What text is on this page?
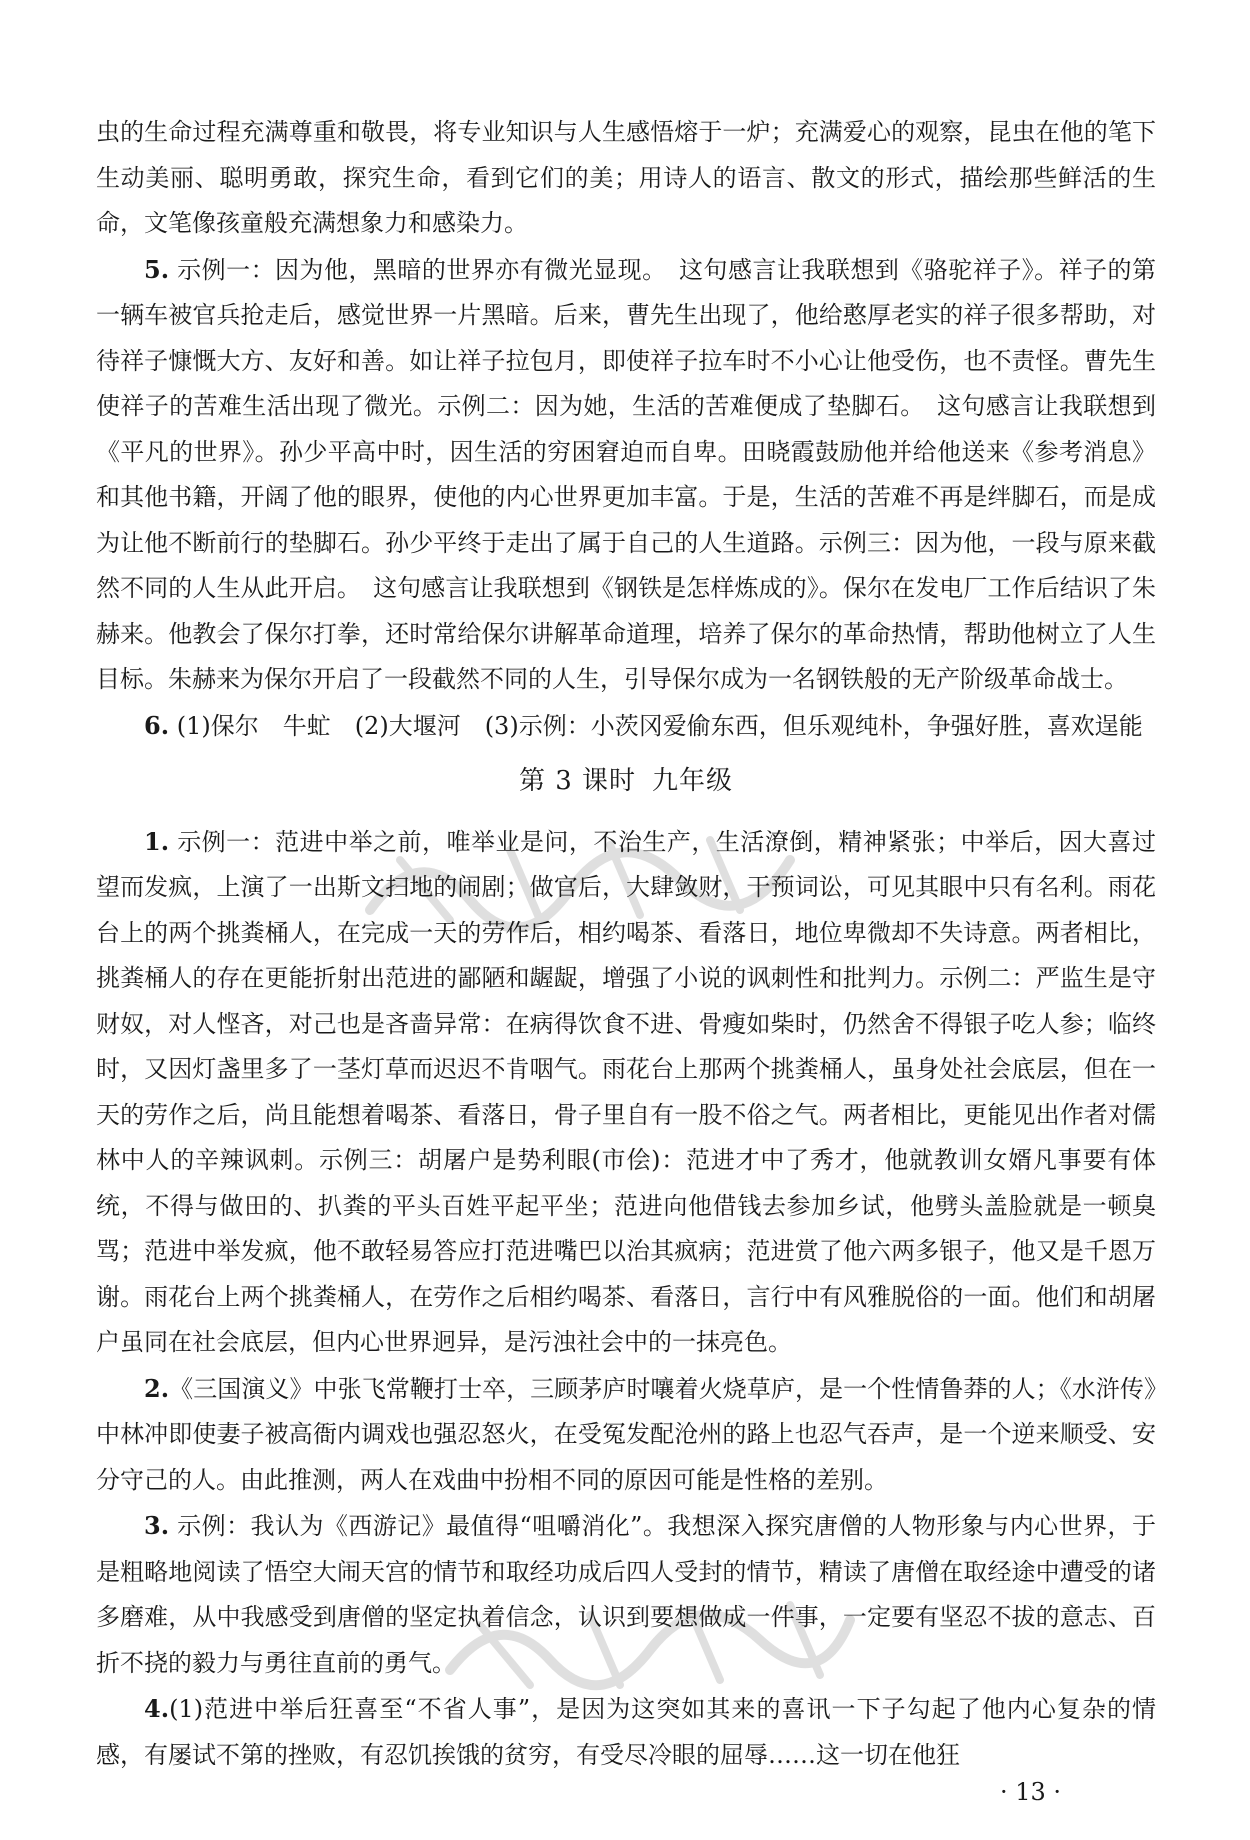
虫的生命过程充满尊重和敬畏，将专业知识与人生感悟熔于一炉；充满爱心的观察，昆虫在他的笔下生动美丽、聪明勇敢，探究生命，看到它们的美；用诗人的语言、散文的形式，描绘那些鲜活的生命，文笔像孩童般充满想象力和感染力。

5. 示例一：因为他，黑暗的世界亦有微光显现。　这句感言让我联想到《骆驼祥子》。祥子的第一辆车被官兵抢走后，感觉世界一片黑暗。后来，曹先生出现了，他给憨厚老实的祥子很多帮助，对待祥子慷慨大方、友好和善。如让祥子拉包月，即使祥子拉车时不小心让他受伤，也不责怪。曹先生使祥子的苦难生活出现了微光。示例二：因为她，生活的苦难便成了垫脚石。　这句感言让我联想到《平凡的世界》。孙少平高中时，因生活的穷困窘迫而自卑。田晓霞鼓励他并给他送来《参考消息》和其他书籍，开阔了他的眼界，使他的内心世界更加丰富。于是，生活的苦难不再是绊脚石，而是成为让他不断前行的垫脚石。孙少平终于走出了属于自己的人生道路。示例三：因为他，一段与原来截然不同的人生从此开启。　这句感言让我联想到《钢铁是怎样炼成的》。保尔在发电厂工作后结识了朱赫来。他教会了保尔打拳，还时常给保尔讲解革命道理，培养了保尔的革命热情，帮助他树立了人生目标。朱赫来为保尔开启了一段截然不同的人生，引导保尔成为一名钢铁般的无产阶级革命战士。

6. (1)保尔　牛虻　(2)大堰河　(3)示例：小茨冈爱偷东西，但乐观纯朴，争强好胜，喜欢逞能

第 3 课时 九年级

1. 示例一：范进中举之前，唯举业是问，不治生产，生活潦倒，精神紧张；中举后，因大喜过望而发疯，上演了一出斯文扫地的闹剧；做官后，大肆敛财，干预词讼，可见其眼中只有名利。雨花台上的两个挑粪桶人，在完成一天的劳作后，相约喝茶、看落日，地位卑微却不失诗意。两者相比，挑粪桶人的存在更能折射出范进的鄙陋和龌龊，增强了小说的讽刺性和批判力。示例二：严监生是守财奴，对人悭吝，对己也是吝啬异常：在病得饮食不进、骨瘦如柴时，仍然舍不得银子吃人参；临终时，又因灯盏里多了一茎灯草而迟迟不肯咽气。雨花台上那两个挑粪桶人，虽身处社会底层，但在一天的劳作之后，尚且能想着喝茶、看落日，骨子里自有一股不俗之气。两者相比，更能见出作者对儒林中人的辛辣讽刺。示例三：胡屠户是势利眼(市侩)：范进才中了秀才，他就教训女婿凡事要有体统，不得与做田的、扒粪的平头百姓平起平坐；范进向他借钱去参加乡试，他劈头盖脸就是一顿臭骂；范进中举发疯，他不敢轻易答应打范进嘴巴以治其疯病；范进赏了他六两多银子，他又是千恩万谢。雨花台上两个挑粪桶人，在劳作之后相约喝茶、看落日，言行中有风雅脱俗的一面。他们和胡屠户虽同在社会底层，但内心世界迥异，是污浊社会中的一抹亮色。

2.《三国演义》中张飞常鞭打士卒，三顾茅庐时嚷着火烧草庐，是一个性情鲁莽的人；《水浒传》中林冲即使妻子被高衙内调戏也强忍怒火，在受冤发配沧州的路上也忍气吞声，是一个逆来顺受、安分守己的人。由此推测，两人在戏曲中扮相不同的原因可能是性格的差别。

3. 示例：我认为《西游记》最值得“咀嚼消化”。我想深入探究唐僧的人物形象与内心世界，于是粗略地阅读了悟空大闹天宫的情节和取经功成后四人受封的情节，精读了唐僧在取经途中遭受的诸多磨难，从中我感受到唐僧的坚定执着信念，认识到要想做成一件事，一定要有坚忍不拔的意志、百折不挠的毅力与勇往直前的勇气。

4.(1)范进中举后狂喜至“不省人事”，是因为这突如其来的喜讯一下子勾起了他内心复杂的情感，有屡试不第的挫败，有忍饥挨饿的贫穷，有受尽冷眼的屈辱……这一切在他狂

· 13 ·
